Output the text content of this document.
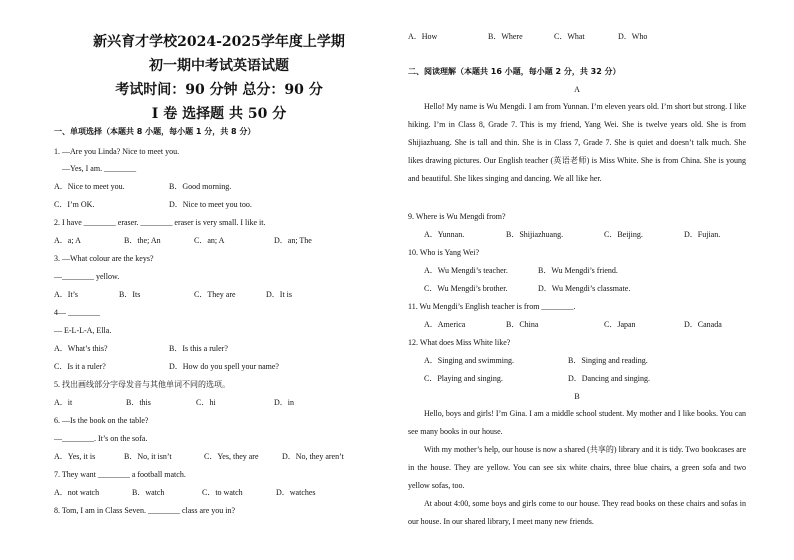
新兴育才学校2024-2025学年度上学期
初一期中考试英语试题
考试时间：90 分钟 总分：90 分
I 卷 选择题 共 50 分
一、单项选择（本题共 8 小题，每小题 1 分，共 8 分）
1. —Are you Linda? Nice to meet you.
—Yes, I am. ________
A．Nice to meet you.	B．Good morning.
C．I’m OK.	D．Nice to meet you too.
2. I have ________ eraser. ________ eraser is very small. I like it.
A．a; A	B．the; An	C．an; A	D．an; The
3. —What colour are the keys?
—________ yellow.
A．It’s	B．Its	C．They are	D．It is
4— ________
— E-L-L-A, Ella.
A．What’s this?	B．Is this a ruler?
C．Is it a ruler?	D．How do you spell your name?
5. 找出画线部分字母发音与其他单词不同的选项。
A．it	B．this	C．hi	D．in
6. —Is the book on the table?
—________. It’s on the sofa.
A．Yes, it is	B．No, it isn’t	C．Yes, they are	D．No, they aren’t
7. They want ________ a football match.
A．not watch	B．watch	C．to watch	D．watches
8. Tom, I am in Class Seven. ________ class are you in?
A．How	B．Where	C．What	D．Who
二、阅读理解（本题共 16 小题，每小题 2 分，共 32 分）
A
Hello! My name is Wu Mengdi. I am from Yunnan. I’m eleven years old. I’m short but strong. I like hiking. I’m in Class 8, Grade 7. This is my friend, Yang Wei. She is twelve years old. She is from Shijiazhuang. She is tall and thin. She is in Class 7, Grade 7. She is quiet and doesn’t talk much. She likes drawing pictures. Our English teacher (英语老师) is Miss White. She is from China. She is young and beautiful. She likes singing and dancing. We all like her.
9. Where is Wu Mengdi from?
A．Yunnan.	B．Shijiazhuang.	C．Beijing.	D．Fujian.
10. Who is Yang Wei?
A．Wu Mengdi’s teacher.	B．Wu Mengdi’s friend.
C．Wu Mengdi’s brother.	D．Wu Mengdi’s classmate.
11. Wu Mengdi’s English teacher is from ________.
A．America	B．China	C．Japan	D．Canada
12. What does Miss White like?
A．Singing and swimming.	B．Singing and reading.
C．Playing and singing.	D．Dancing and singing.
B
Hello, boys and girls! I’m Gina. I am a middle school student. My mother and I like books. You can see many books in our house.
With my mother’s help, our house is now a shared (共享的) library and it is tidy. Two bookcases are in the house. They are yellow. You can see six white chairs, three blue chairs, a green sofa and two yellow sofas, too.
At about 4:00, some boys and girls come to our house. They read books on these chairs and sofas in our house. In our shared library, I meet many new friends.
